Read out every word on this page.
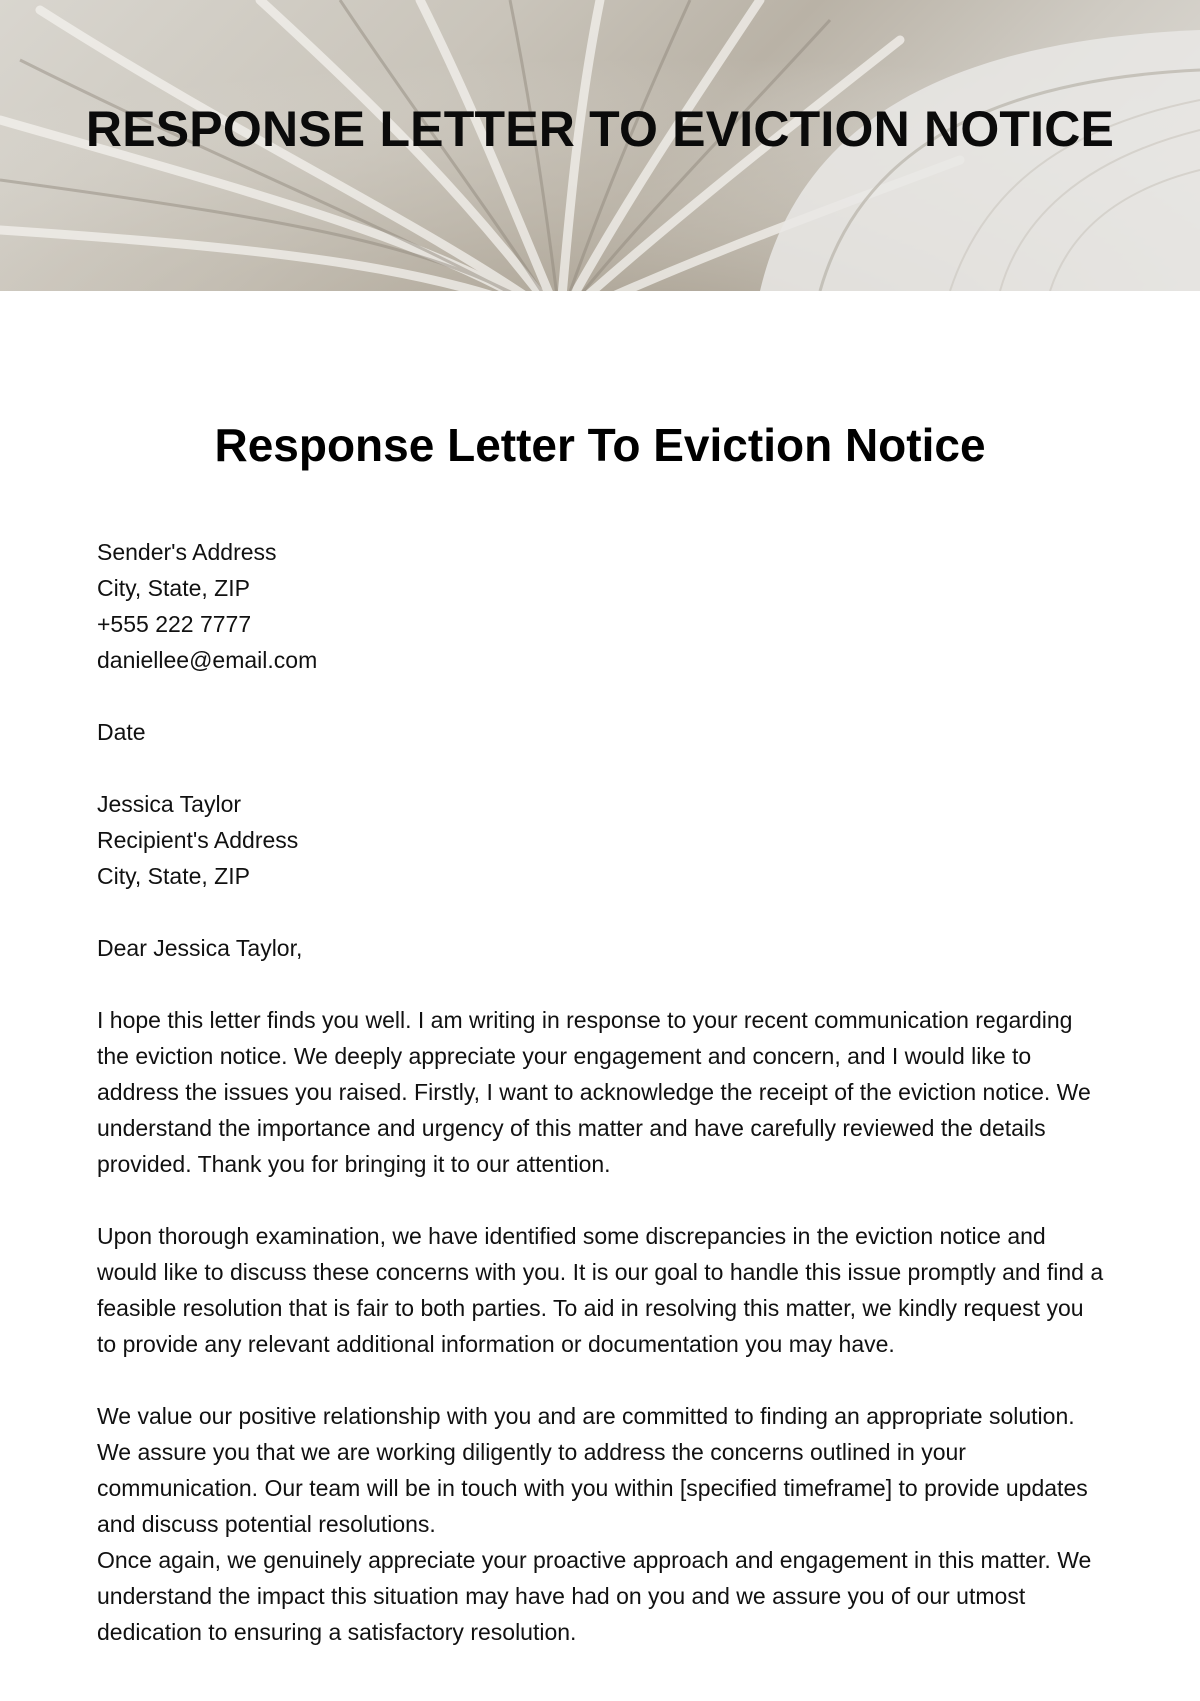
RESPONSE LETTER TO EVICTION NOTICE
Response Letter To Eviction Notice
Sender's Address
City, State, ZIP
+555 222 7777
daniellee@email.com
Date
Jessica Taylor
Recipient's Address
City, State, ZIP
Dear Jessica Taylor,

I hope this letter finds you well. I am writing in response to your recent communication regarding the eviction notice. We deeply appreciate your engagement and concern, and I would like to address the issues you raised. Firstly, I want to acknowledge the receipt of the eviction notice. We understand the importance and urgency of this matter and have carefully reviewed the details provided. Thank you for bringing it to our attention.

Upon thorough examination, we have identified some discrepancies in the eviction notice and would like to discuss these concerns with you. It is our goal to handle this issue promptly and find a feasible resolution that is fair to both parties. To aid in resolving this matter, we kindly request you to provide any relevant additional information or documentation you may have.

We value our positive relationship with you and are committed to finding an appropriate solution. We assure you that we are working diligently to address the concerns outlined in your communication. Our team will be in touch with you within [specified timeframe] to provide updates and discuss potential resolutions.

Once again, we genuinely appreciate your proactive approach and engagement in this matter. We understand the impact this situation may have had on you and we assure you of our utmost dedication to ensuring a satisfactory resolution.
